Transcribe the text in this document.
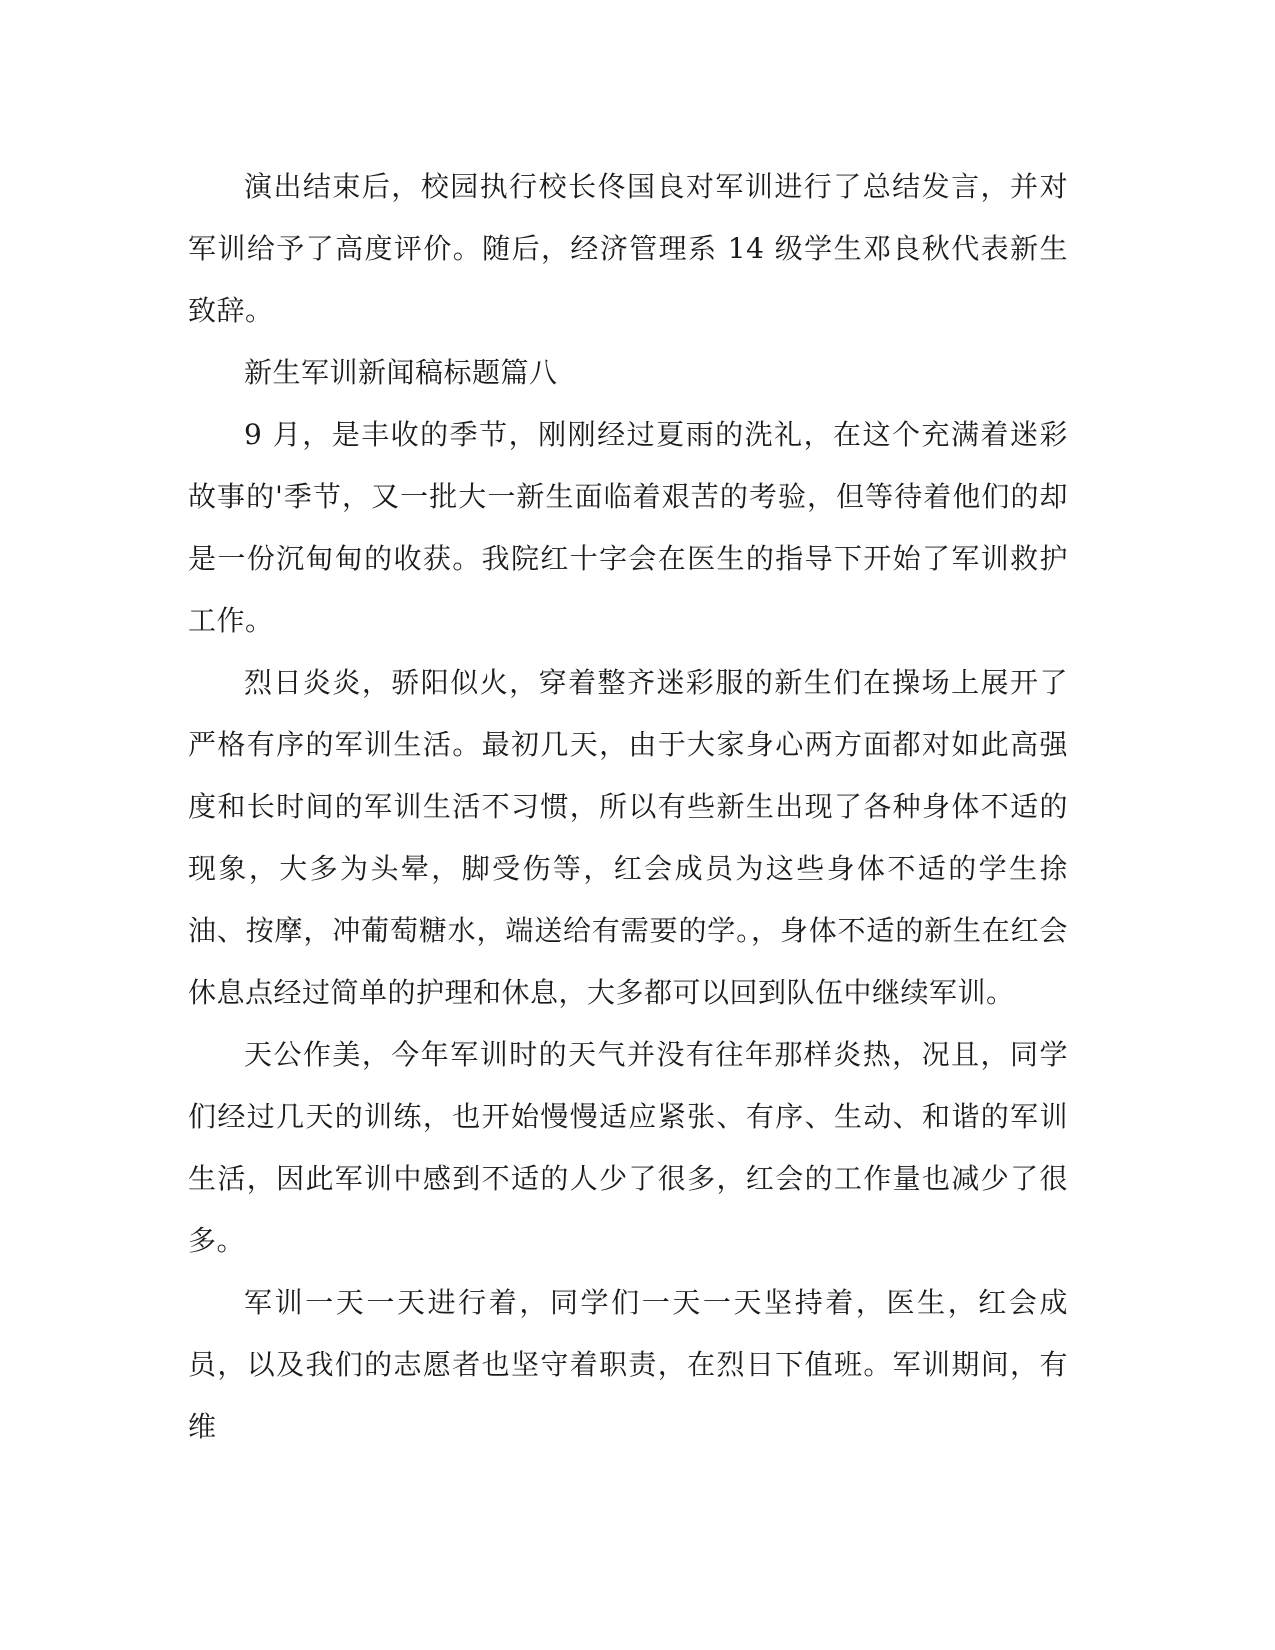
演出结束后，校园执行校长佟国良对军训进行了总结发言，并对军训给予了高度评价。随后，经济管理系 14 级学生邓良秋代表新生致辞。

新生军训新闻稿标题篇八

9 月，是丰收的季节，刚刚经过夏雨的洗礼，在这个充满着迷彩故事的'季节，又一批大一新生面临着艰苦的考验，但等待着他们的却是一份沉甸甸的收获。我院红十字会在医生的指导下开始了军训救护工作。

烈日炎炎，骄阳似火，穿着整齐迷彩服的新生们在操场上展开了严格有序的军训生活。最初几天，由于大家身心两方面都对如此高强度和长时间的军训生活不习惯，所以有些新生出现了各种身体不适的现象，大多为头晕，脚受伤等，红会成员为这些身体不适的学生捈油、按摩，冲葡萄糖水，端送给有需要的学。，身体不适的新生在红会休息点经过简单的护理和休息，大多都可以回到队伍中继续军训。

天公作美，今年军训时的天气并没有往年那样炎热，况且，同学们经过几天的训练，也开始慢慢适应紧张、有序、生动、和谐的军训生活，因此军训中感到不适的人少了很多，红会的工作量也减少了很多。

军训一天一天进行着，同学们一天一天坚持着，医生，红会成员，以及我们的志愿者也坚守着职责，在烈日下值班。军训期间，有维
